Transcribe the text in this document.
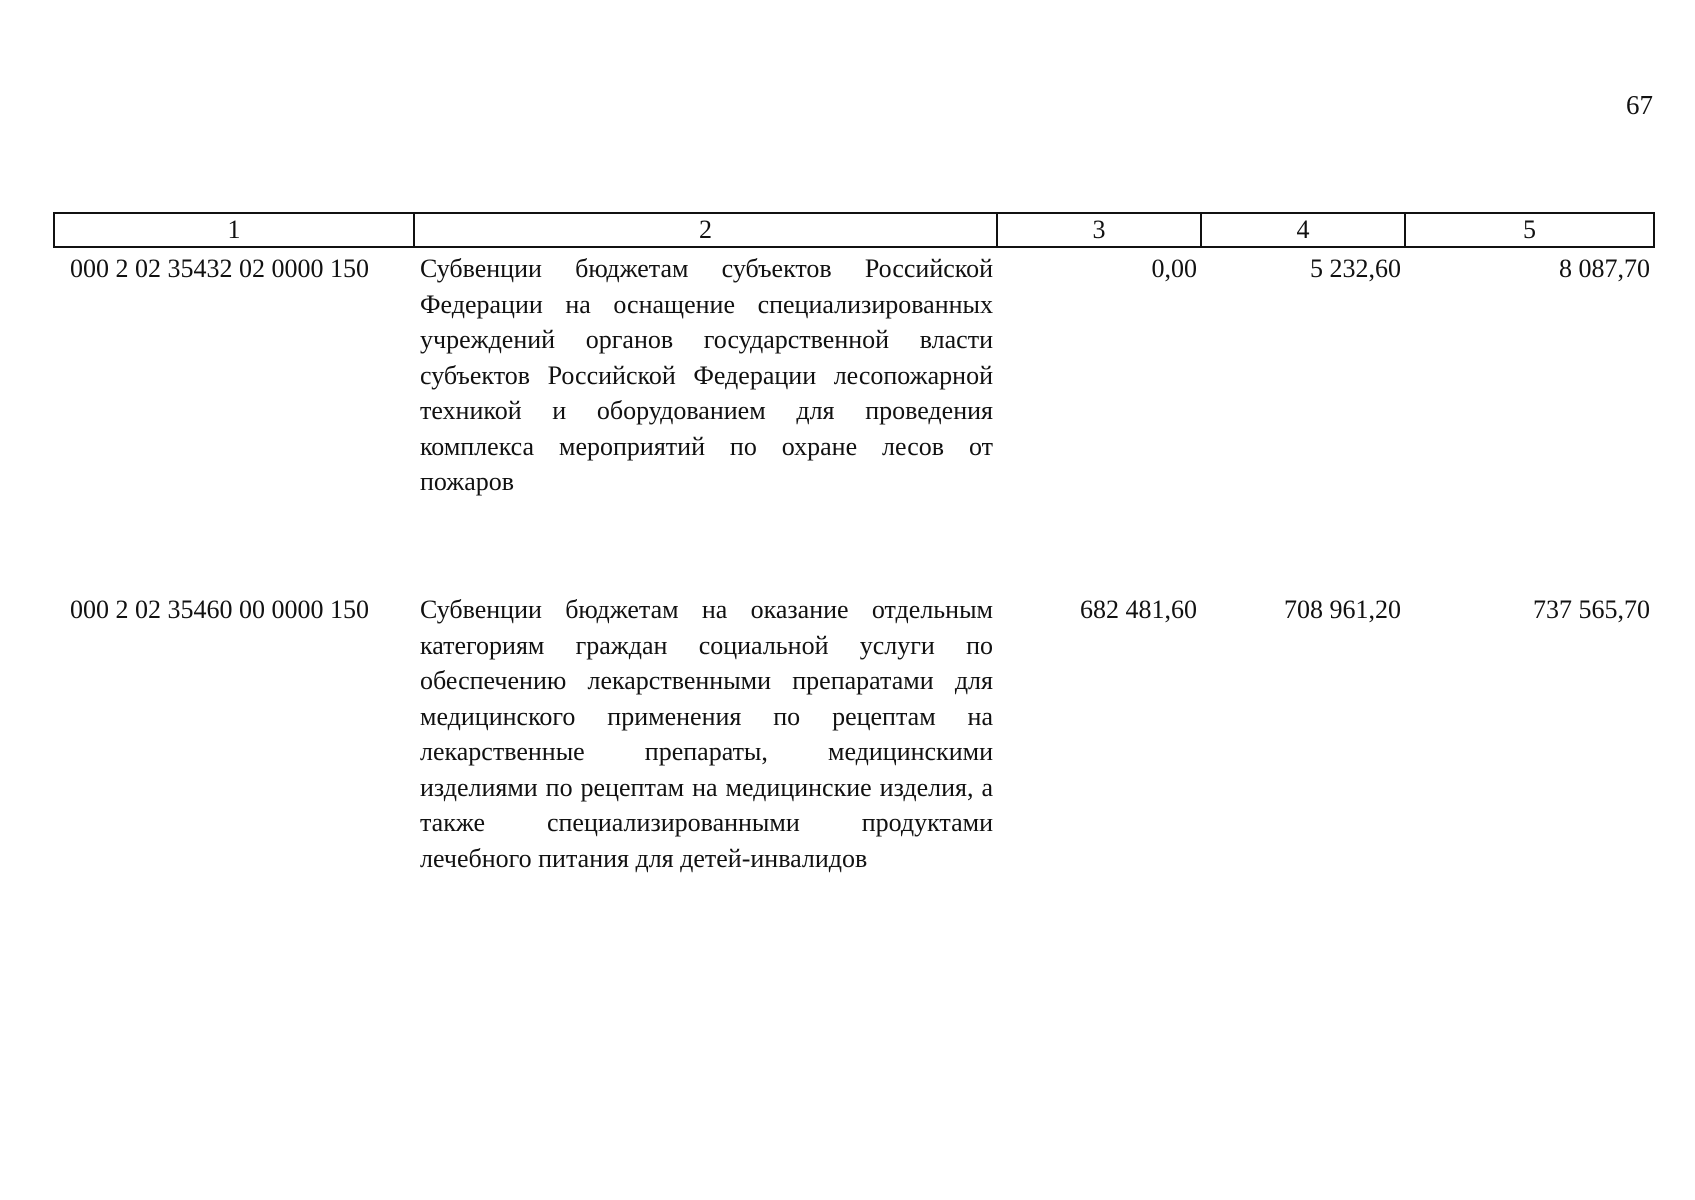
67
1	2	3	4	5
000 2 02 35432 02 0000 150	Субвенции бюджетам субъектов Российской Федерации на оснащение специализированных учреждений органов государственной власти субъектов Российской Федерации лесопожарной техникой и оборудованием для проведения комплекса мероприятий по охране лесов от пожаров	0,00	5 232,60	8 087,70
000 2 02 35460 00 0000 150	Субвенции бюджетам на оказание отдельным категориям граждан социальной услуги по обеспечению лекарственными препаратами для медицинского применения по рецептам на лекарственные препараты, медицинскими изделиями по рецептам на медицинские изделия, а также специализированными продуктами лечебного питания для детей-инвалидов	682 481,60	708 961,20	737 565,70
